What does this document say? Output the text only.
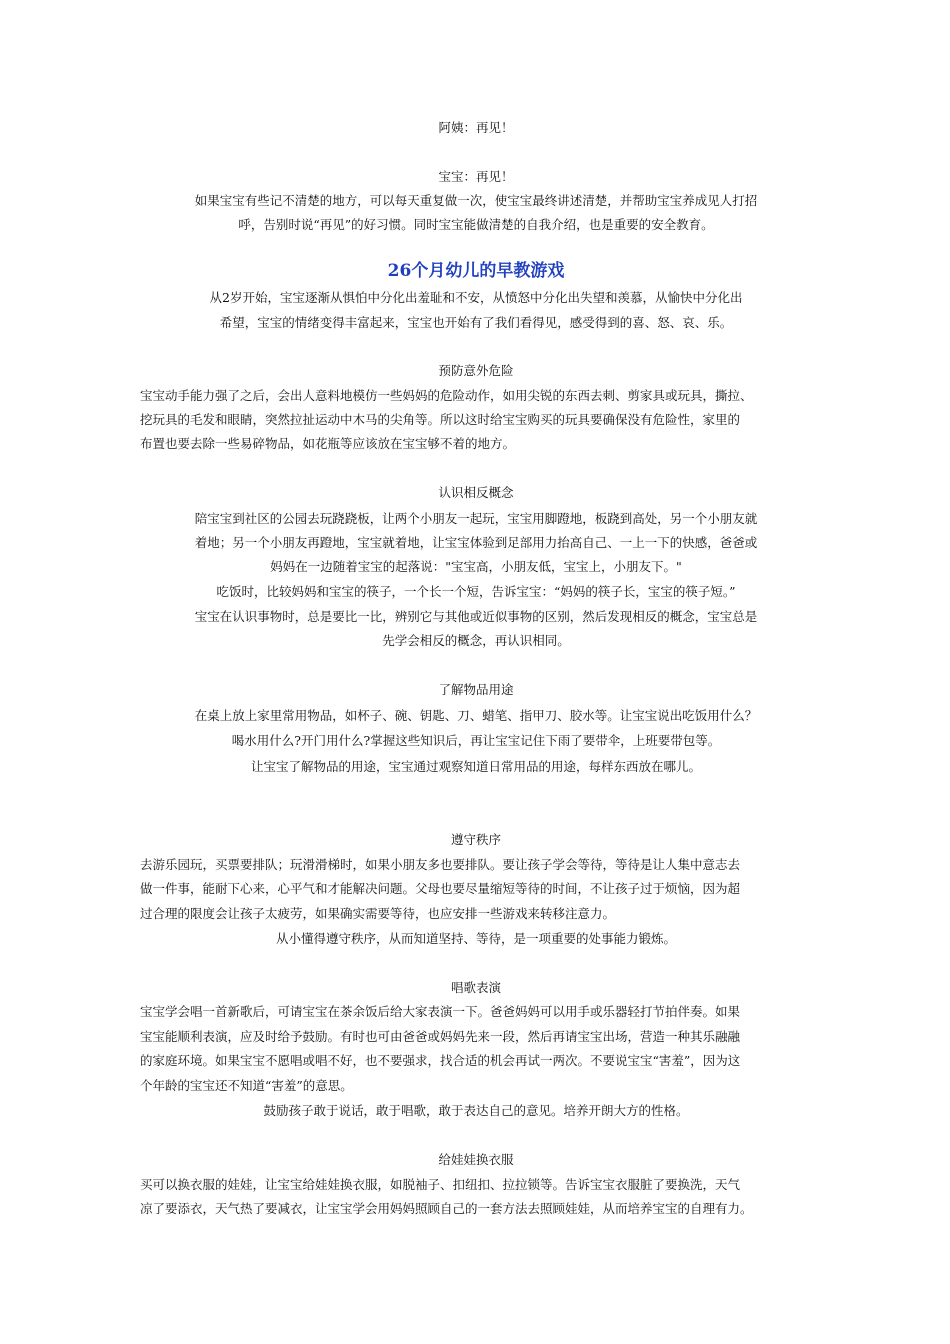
阿姨：再见！
宝宝：再见！
如果宝宝有些记不清楚的地方，可以每天重复做一次，使宝宝最终讲述清楚，并帮助宝宝养成见人打招
呼，告别时说“再见”的好习惯。同时宝宝能做清楚的自我介绍，也是重要的安全教育。
26个月幼儿的早教游戏
从2岁开始，宝宝逐渐从惧怕中分化出羞耻和不安，从愤怒中分化出失望和羡慕，从愉快中分化出
希望，宝宝的情绪变得丰富起来，宝宝也开始有了我们看得见，感受得到的喜、怒、哀、乐。
预防意外危险
宝宝动手能力强了之后，会出人意料地模仿一些妈妈的危险动作，如用尖锐的东西去刺、剪家具或玩具，撕拉、
挖玩具的毛发和眼睛，突然拉扯运动中木马的尖角等。所以这时给宝宝购买的玩具要确保没有危险性，家里的
布置也要去除一些易碎物品，如花瓶等应该放在宝宝够不着的地方。
认识相反概念
陪宝宝到社区的公园去玩跷跷板，让两个小朋友一起玩，宝宝用脚蹬地，板跷到高处，另一个小朋友就
着地；另一个小朋友再蹬地，宝宝就着地，让宝宝体验到足部用力抬高自己、一上一下的快感，爸爸或
妈妈在一边随着宝宝的起落说："宝宝高，小朋友低，宝宝上，小朋友下。"
吃饭时，比较妈妈和宝宝的筷子，一个长一个短，告诉宝宝：“妈妈的筷子长，宝宝的筷子短。”
宝宝在认识事物时，总是要比一比，辨别它与其他或近似事物的区别，然后发现相反的概念，宝宝总是
先学会相反的概念，再认识相同。
了解物品用途
在桌上放上家里常用物品，如杯子、碗、钥匙、刀、蜡笔、指甲刀、胶水等。让宝宝说出吃饭用什么？
喝水用什么?开门用什么?掌握这些知识后，再让宝宝记住下雨了要带伞，上班要带包等。
让宝宝了解物品的用途，宝宝通过观察知道日常用品的用途，每样东西放在哪儿。
遵守秩序
去游乐园玩，买票要排队；玩滑滑梯时，如果小朋友多也要排队。要让孩子学会等待，等待是让人集中意志去
做一件事，能耐下心来，心平气和才能解决问题。父母也要尽量缩短等待的时间，不让孩子过于烦恼，因为超
过合理的限度会让孩子太疲劳，如果确实需要等待，也应安排一些游戏来转移注意力。
从小懂得遵守秩序，从而知道坚持、等待，是一项重要的处事能力锻炼。
唱歌表演
宝宝学会唱一首新歌后，可请宝宝在茶余饭后给大家表演一下。爸爸妈妈可以用手或乐器轻打节拍伴奏。如果
宝宝能顺利表演，应及时给予鼓励。有时也可由爸爸或妈妈先来一段，然后再请宝宝出场，营造一种其乐融融
的家庭环境。如果宝宝不愿唱或唱不好，也不要强求，找合适的机会再试一两次。不要说宝宝“害羞”，因为这
个年龄的宝宝还不知道“害羞”的意思。
鼓励孩子敢于说话，敢于唱歌，敢于表达自己的意见。培养开朗大方的性格。
给娃娃换衣服
买可以换衣服的娃娃，让宝宝给娃娃换衣服，如脱袖子、扣纽扣、拉拉锁等。告诉宝宝衣服脏了要换洗，天气
凉了要添衣，天气热了要减衣，让宝宝学会用妈妈照顾自己的一套方法去照顾娃娃，从而培养宝宝的自理有力。
